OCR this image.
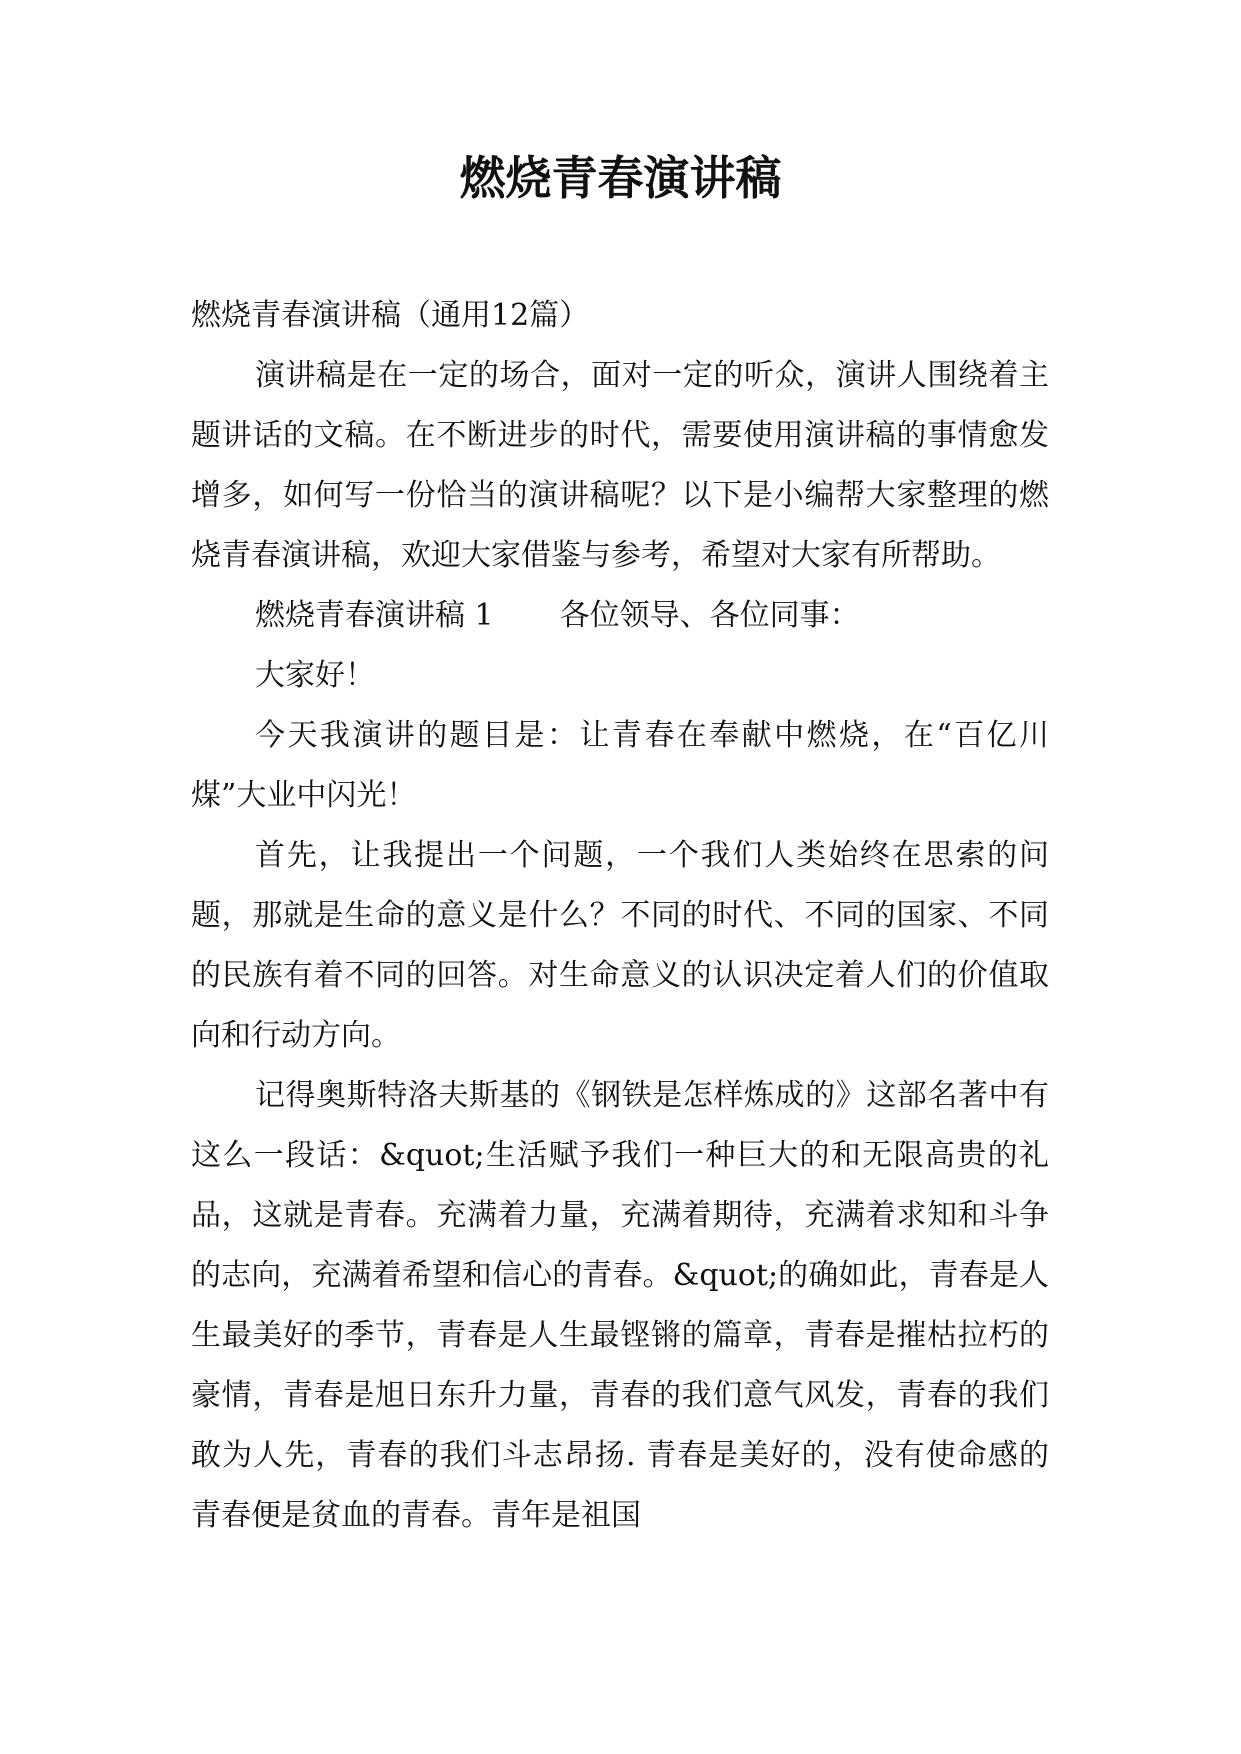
燃烧青春演讲稿

燃烧青春演讲稿（通用12篇）

演讲稿是在一定的场合，面对一定的听众，演讲人围绕着主题讲话的文稿。在不断进步的时代，需要使用演讲稿的事情愈发增多，如何写一份恰当的演讲稿呢？以下是小编帮大家整理的燃烧青春演讲稿，欢迎大家借鉴与参考，希望对大家有所帮助。

燃烧青春演讲稿 1 各位领导、各位同事：

大家好！

今天我演讲的题目是：让青春在奉献中燃烧，在“百亿川煤”大业中闪光！

首先，让我提出一个问题，一个我们人类始终在思索的问题，那就是生命的意义是什么？不同的时代、不同的国家、不同的民族有着不同的回答。对生命意义的认识决定着人们的价值取向和行动方向。

记得奥斯特洛夫斯基的《钢铁是怎样炼成的》这部名著中有这么一段话：&quot;生活赋予我们一种巨大的和无限高贵的礼品，这就是青春。充满着力量，充满着期待，充满着求知和斗争的志向，充满着希望和信心的青春。&quot;的确如此，青春是人生最美好的季节，青春是人生最铿锵的篇章，青春是摧枯拉朽的豪情，青春是旭日东升力量，青春的我们意气风发，青春的我们敢为人先，青春的我们斗志昂扬. 青春是美好的，没有使命感的青春便是贫血的青春。青年是祖国
